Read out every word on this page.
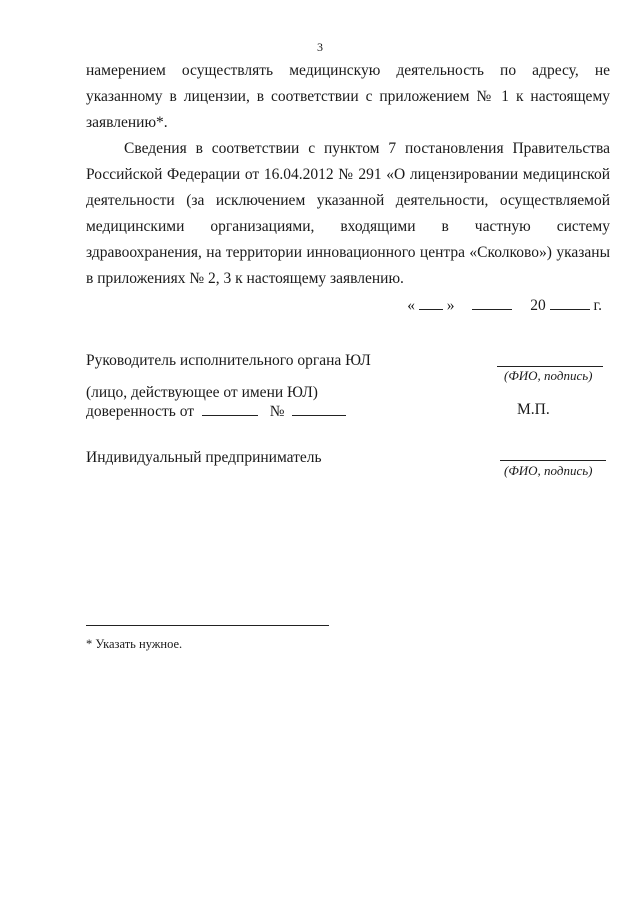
3

намерением осуществлять медицинскую деятельность по адресу, не указанному в лицензии, в соответствии с приложением № 1 к настоящему заявлению*.

Сведения в соответствии с пунктом 7 постановления Правительства Российской Федерации от 16.04.2012 № 291 «О лицензировании медицинской деятельности (за исключением указанной деятельности, осуществляемой медицинскими организациями, входящими в частную систему здравоохранения, на территории инновационного центра «Сколково») указаны в приложениях № 2, 3 к настоящему заявлению.

« »	20	г.
Руководитель исполнительного органа ЮЛ
(ФИО, подпись)
(лицо, действующее от имени ЮЛ)
доверенность от	№	М.П.
Индивидуальный предприниматель
(ФИО, подпись)
* Указать нужное.
